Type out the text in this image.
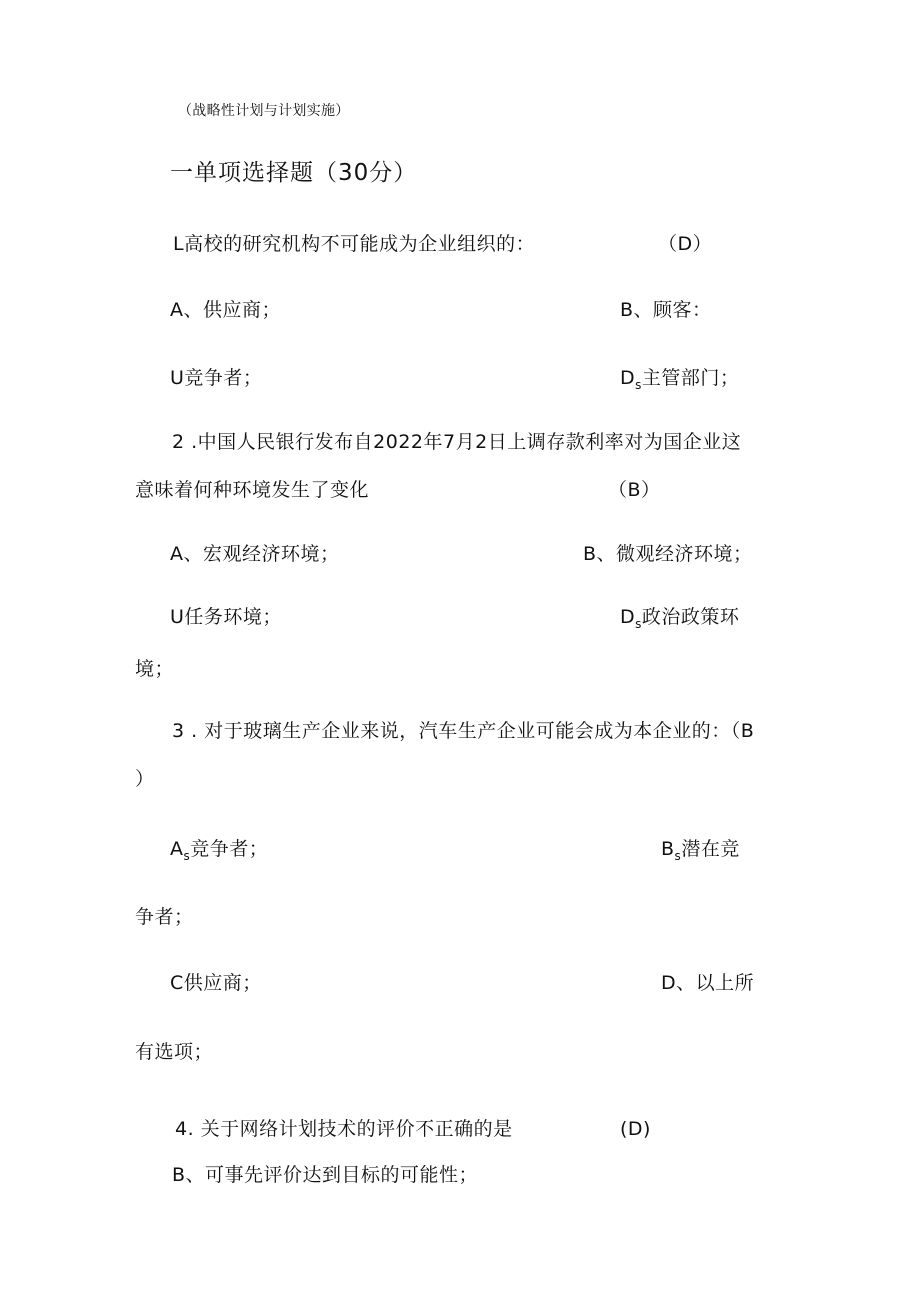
（战略性计划与计划实施）
一单项选择题（30分）
L高校的研究机构不可能成为企业组织的：	（D）
A、供应商；	B、顾客：
U竞争者；	$D_s$主管部门；
2 .中国人民银行发布自2022年7月2日上调存款利率对为国企业这
意味着何种环境发生了变化	（B）
A、宏观经济环境；	B、微观经济环境；
U任务环境；	$D_s$政治政策环
境；
3 . 对于玻璃生产企业来说，汽车生产企业可能会成为本企业的：（B
）
$A_s$竞争者；	$B_s$潜在竞
争者；
C供应商；	D、以上所
有选项；
4. 关于网络计划技术的评价不正确的是	(D)
B、可事先评价达到目标的可能性；
